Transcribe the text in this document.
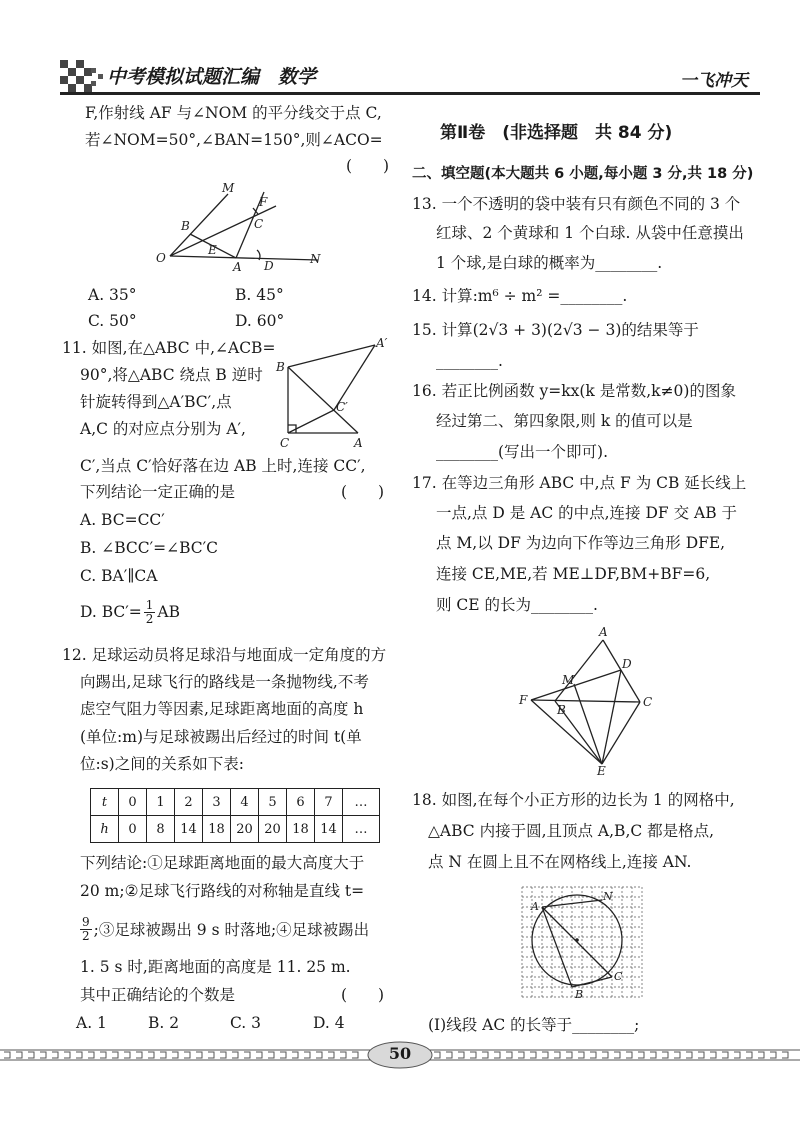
中考模拟试题汇编　数学	一飞冲天
F,作射线 AF 与∠NOM 的平分线交于点 C,
若∠NOM=50°,∠BAN=150°,则∠ACO=
(　　)
M
F
B	C
E
O
A D	N
A. 35°	B. 45°
C. 50°	D. 60°
11. 如图,在△ABC 中,∠ACB=
90°,将△ABC 绕点 B 逆时
针旋转得到△A′BC′,点
A,C 的对应点分别为 A′,
C′,当点 C′恰好落在边 AB 上时,连接 CC′,
下列结论一定正确的是	(　　)
A′
B
C′
C	A
A. BC=CC′
B. ∠BCC′=∠BC′C
C. BA′∥CA
D. $BC'= \frac{1}{2}$ AB
12. 足球运动员将足球沿与地面成一定角度的方
向踢出,足球飞行的路线是一条抛物线,不考
虑空气阻力等因素,足球距离地面的高度 h
(单位:m)与足球被踢出后经过的时间 t(单
位:s)之间的关系如下表:
t	0	1	2	3	4	5	6	7	…
h	0	8	14	18	20	20	18	14	…
下列结论:①足球距离地面的最大高度大于
20 m;②足球飞行路线的对称轴是直线 t=
$\frac{9}{2}$ ;③足球被踢出 9 s 时落地;④足球被踢出
1. 5 s 时,距离地面的高度是 11. 25 m.
其中正确结论的个数是	(　　)
A. 1	B. 2	C. 3	D. 4
第Ⅱ卷　(非选择题　共 84 分)
二、填空题(本大题共 6 小题,每小题 3 分,共 18 分)
13. 一个不透明的袋中装有只有颜色不同的 3 个
红球、2 个黄球和 1 个白球. 从袋中任意摸出
1 个球,是白球的概率为________.
14. 计算:m⁶ ÷ m² =________.
15. 计算(2√3 + 3)(2√3 − 3)的结果等于
________.
16. 若正比例函数 y=kx(k 是常数,k≠0)的图象
经过第二、第四象限,则 k 的值可以是
________(写出一个即可).
17. 在等边三角形 ABC 中,点 F 为 CB 延长线上
一点,点 D 是 AC 的中点,连接 DF 交 AB 于
点 M,以 DF 为边向下作等边三角形 DFE,
连接 CE,ME,若 ME⊥DF,BM+BF=6,
则 CE 的长为________.
A
D
M
F
B
C
E
18. 如图,在每个小正方形的边长为 1 的网格中,
△ABC 内接于圆,且顶点 A,B,C 都是格点,
点 N 在圆上且不在网格线上,连接 AN.
A
N
C
B
(Ⅰ)线段 AC 的长等于________;
50
